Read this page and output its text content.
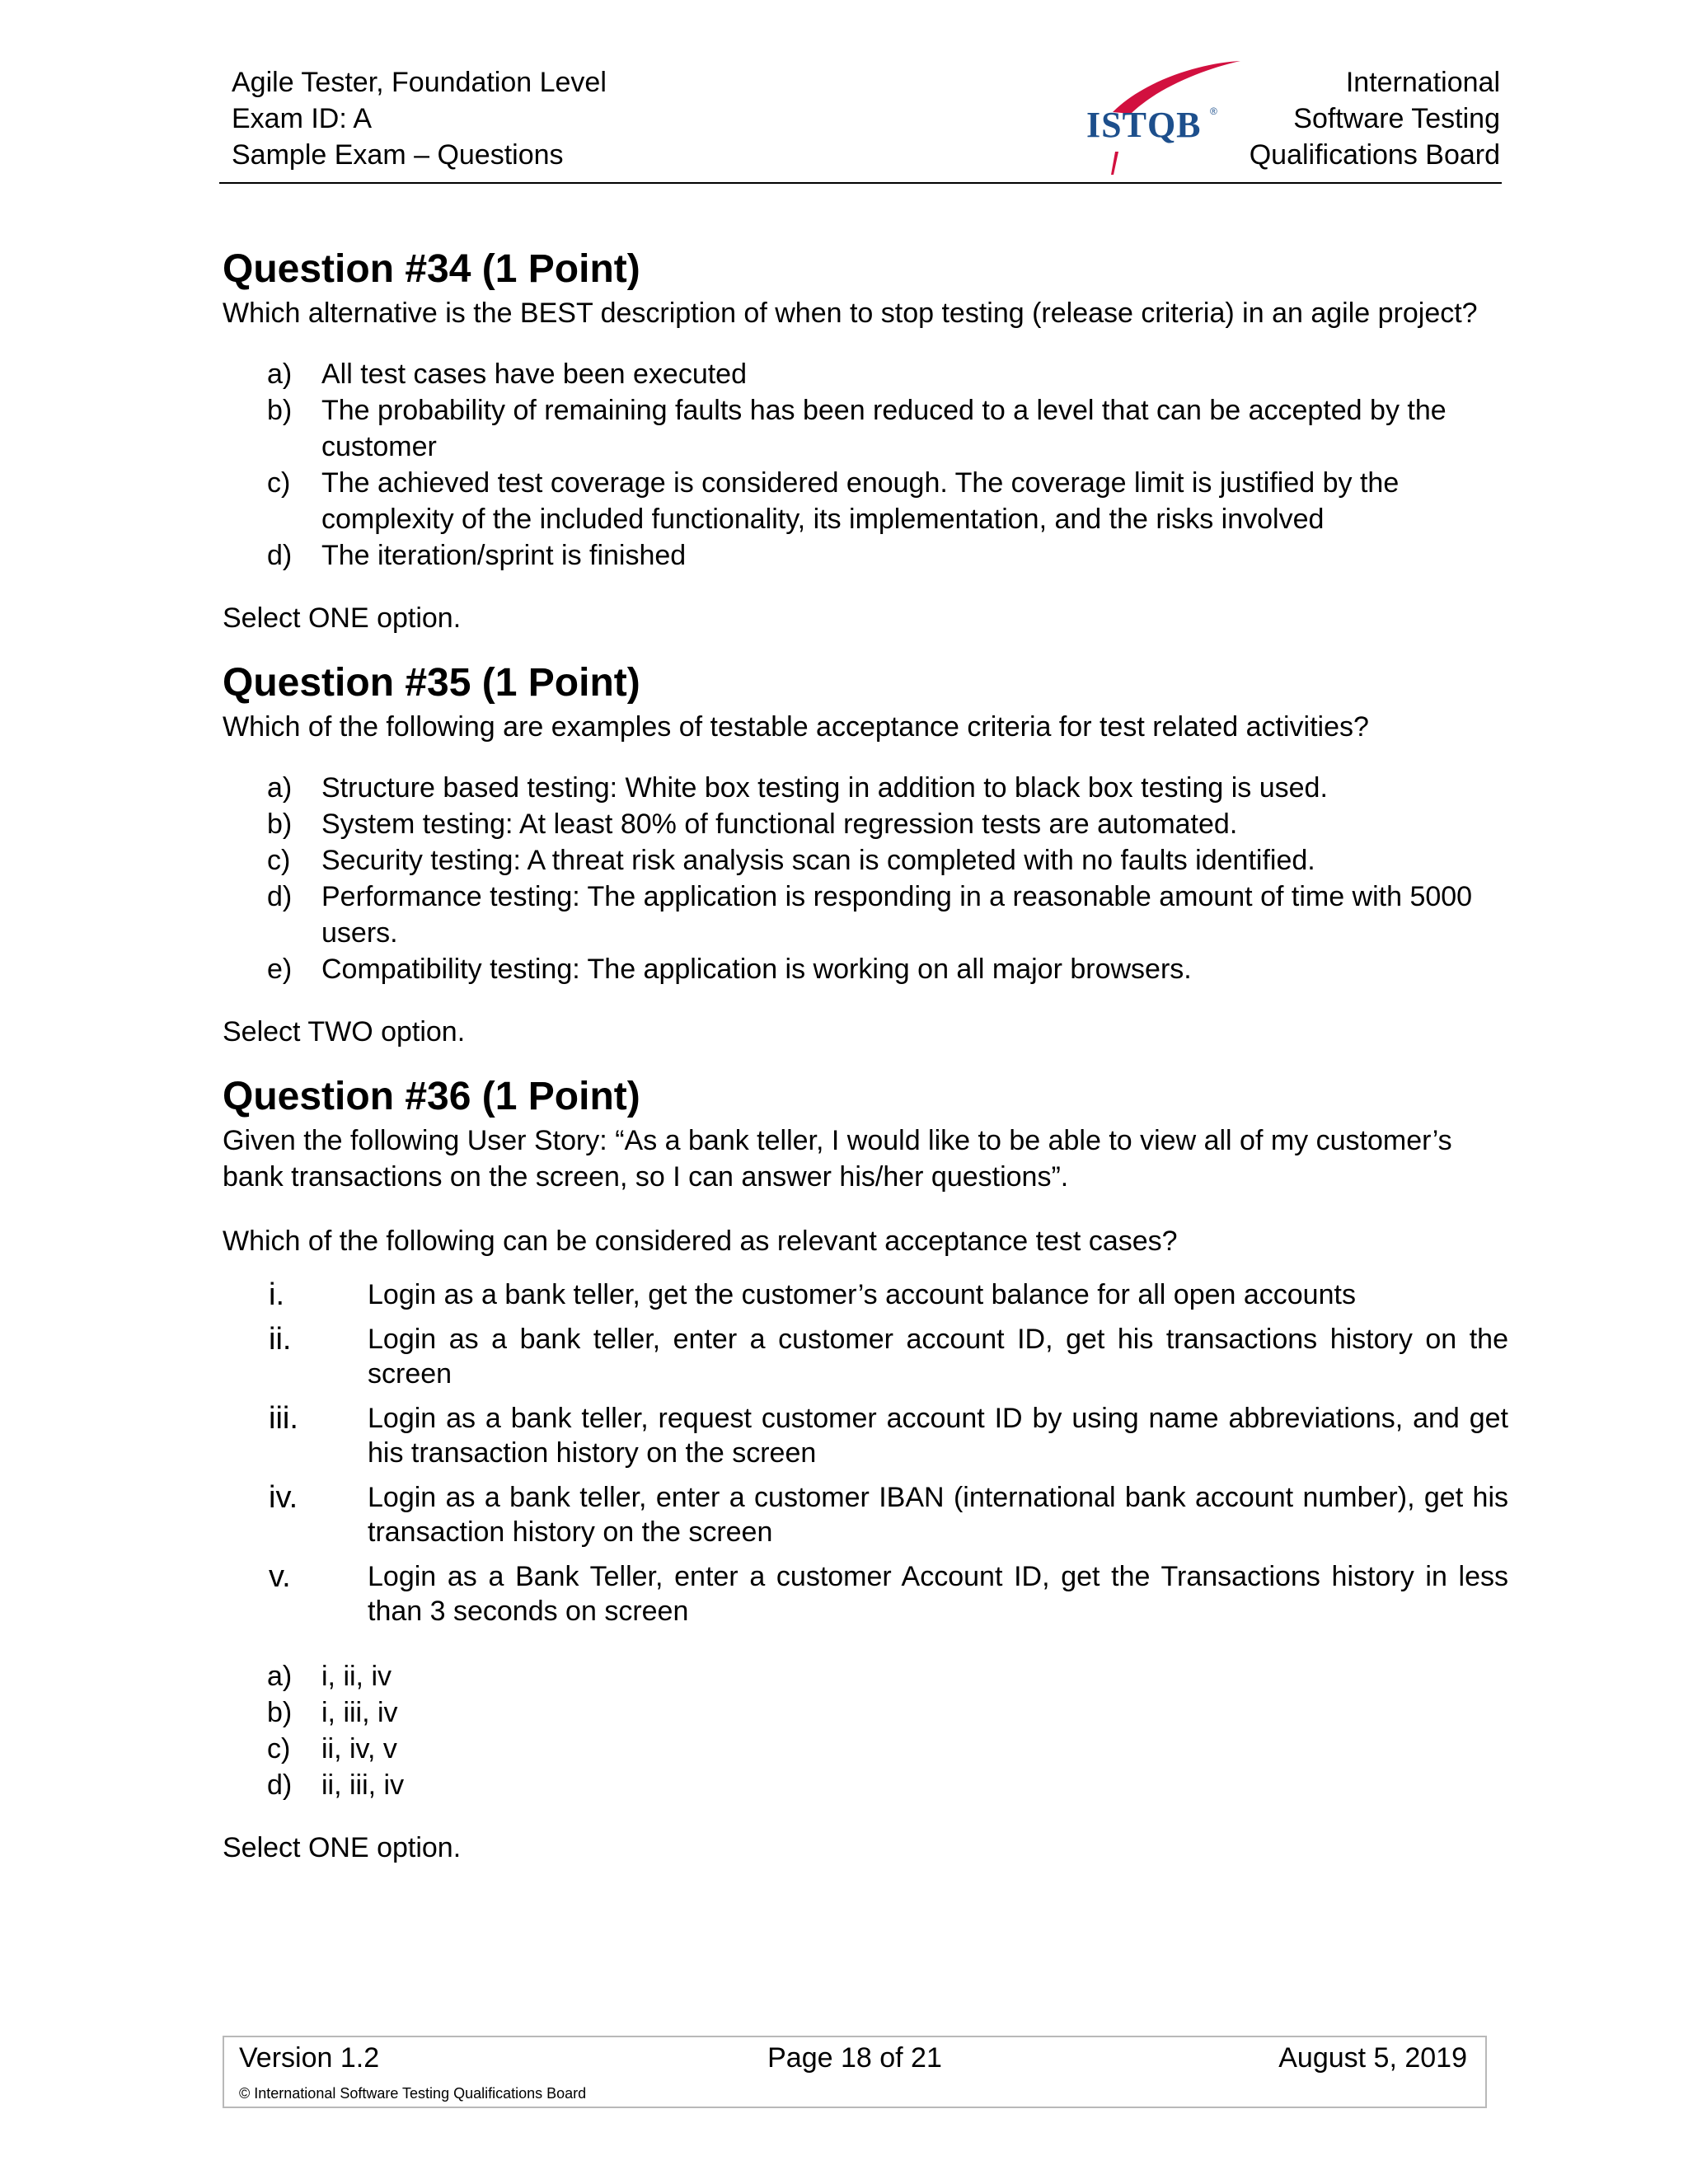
Agile Tester, Foundation Level
Exam ID: A
Sample Exam – Questions
ISTQB ®
International
Software Testing
Qualifications Board
Question #34 (1 Point)

Which alternative is the BEST description of when to stop testing (release criteria) in an agile project?

a)	All test cases have been executed
b)	The probability of remaining faults has been reduced to a level that can be accepted by the customer
c)	The achieved test coverage is considered enough. The coverage limit is justified by the complexity of the included functionality, its implementation, and the risks involved
d)	The iteration/sprint is finished

Select ONE option.

Question #35 (1 Point)

Which of the following are examples of testable acceptance criteria for test related activities?

a)	Structure based testing: White box testing in addition to black box testing is used.
b)	System testing: At least 80% of functional regression tests are automated.
c)	Security testing: A threat risk analysis scan is completed with no faults identified.
d)	Performance testing: The application is responding in a reasonable amount of time with 5000 users.
e)	Compatibility testing: The application is working on all major browsers.

Select TWO option.

Question #36 (1 Point)

Given the following User Story: “As a bank teller, I would like to be able to view all of my customer’s bank transactions on the screen, so I can answer his/her questions”.

Which of the following can be considered as relevant acceptance test cases?

i.	Login as a bank teller, get the customer’s account balance for all open accounts
ii.	Login as a bank teller, enter a customer account ID, get his transactions history on the screen
iii.	Login as a bank teller, request customer account ID by using name abbreviations, and get his transaction history on the screen
iv.	Login as a bank teller, enter a customer IBAN (international bank account number), get his transaction history on the screen
v.	Login as a Bank Teller, enter a customer Account ID, get the Transactions history in less than 3 seconds on screen
a)	i, ii, iv
b)	i, iii, iv
c)	ii, iv, v
d)	ii, iii, iv

Select ONE option.

Version 1.2	Page 18 of 21	August 5, 2019
© International Software Testing Qualifications Board
